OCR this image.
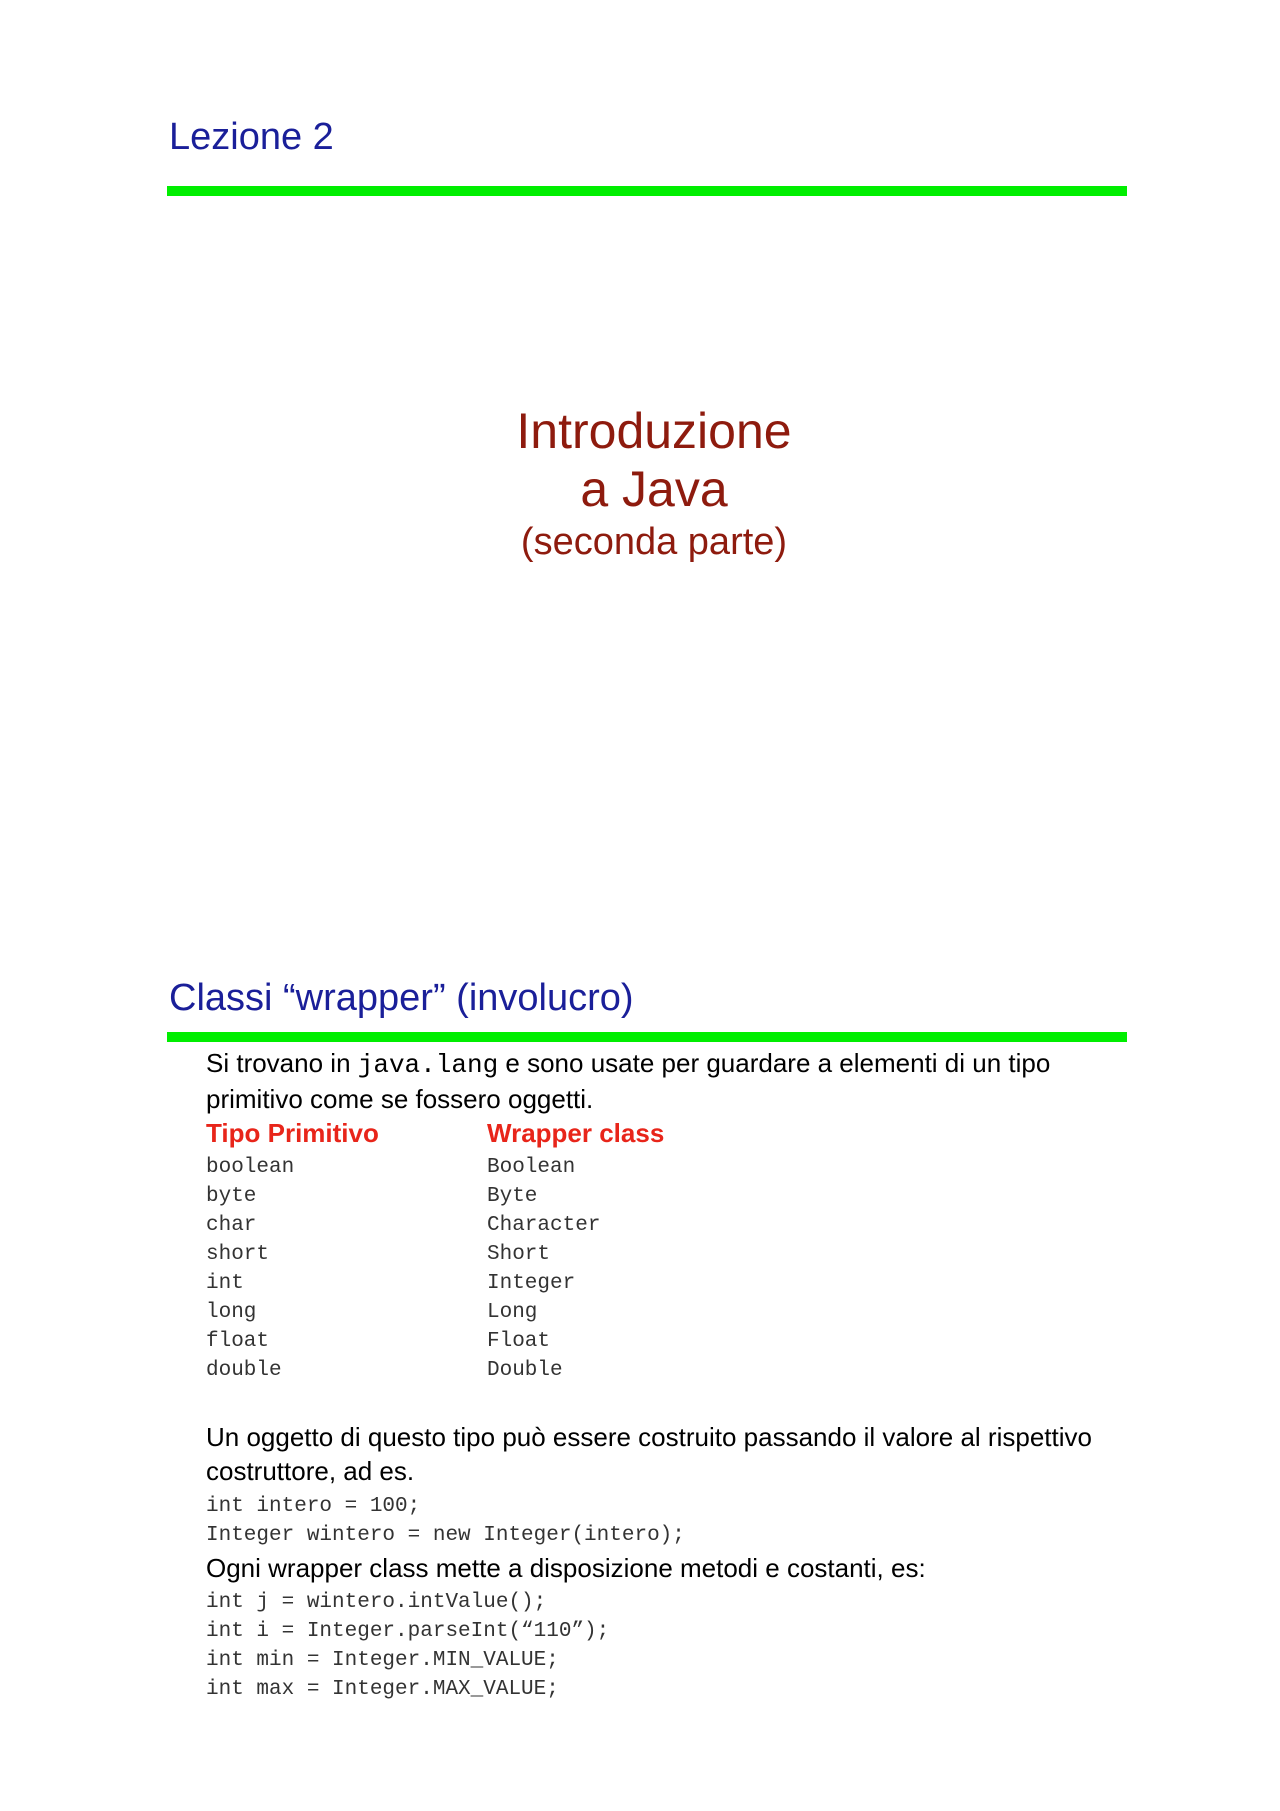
Lezione 2
Introduzione
a Java
(seconda parte)
Classi “wrapper” (involucro)
Si trovano in java.lang e sono usate per guardare a elementi di un tipo primitivo come se fossero oggetti.
Tipo Primitivo	Wrapper class
boolean	Boolean
byte	Byte
char	Character
short	Short
int	Integer
long	Long
float	Float
double	Double
Un oggetto di questo tipo può essere costruito passando il valore al rispettivo costruttore, ad es.
int intero = 100;
Integer wintero = new Integer(intero);
Ogni wrapper class mette a disposizione metodi e costanti, es:
int j = wintero.intValue();
int i = Integer.parseInt(“110”);
int min = Integer.MIN_VALUE;
int max = Integer.MAX_VALUE;
